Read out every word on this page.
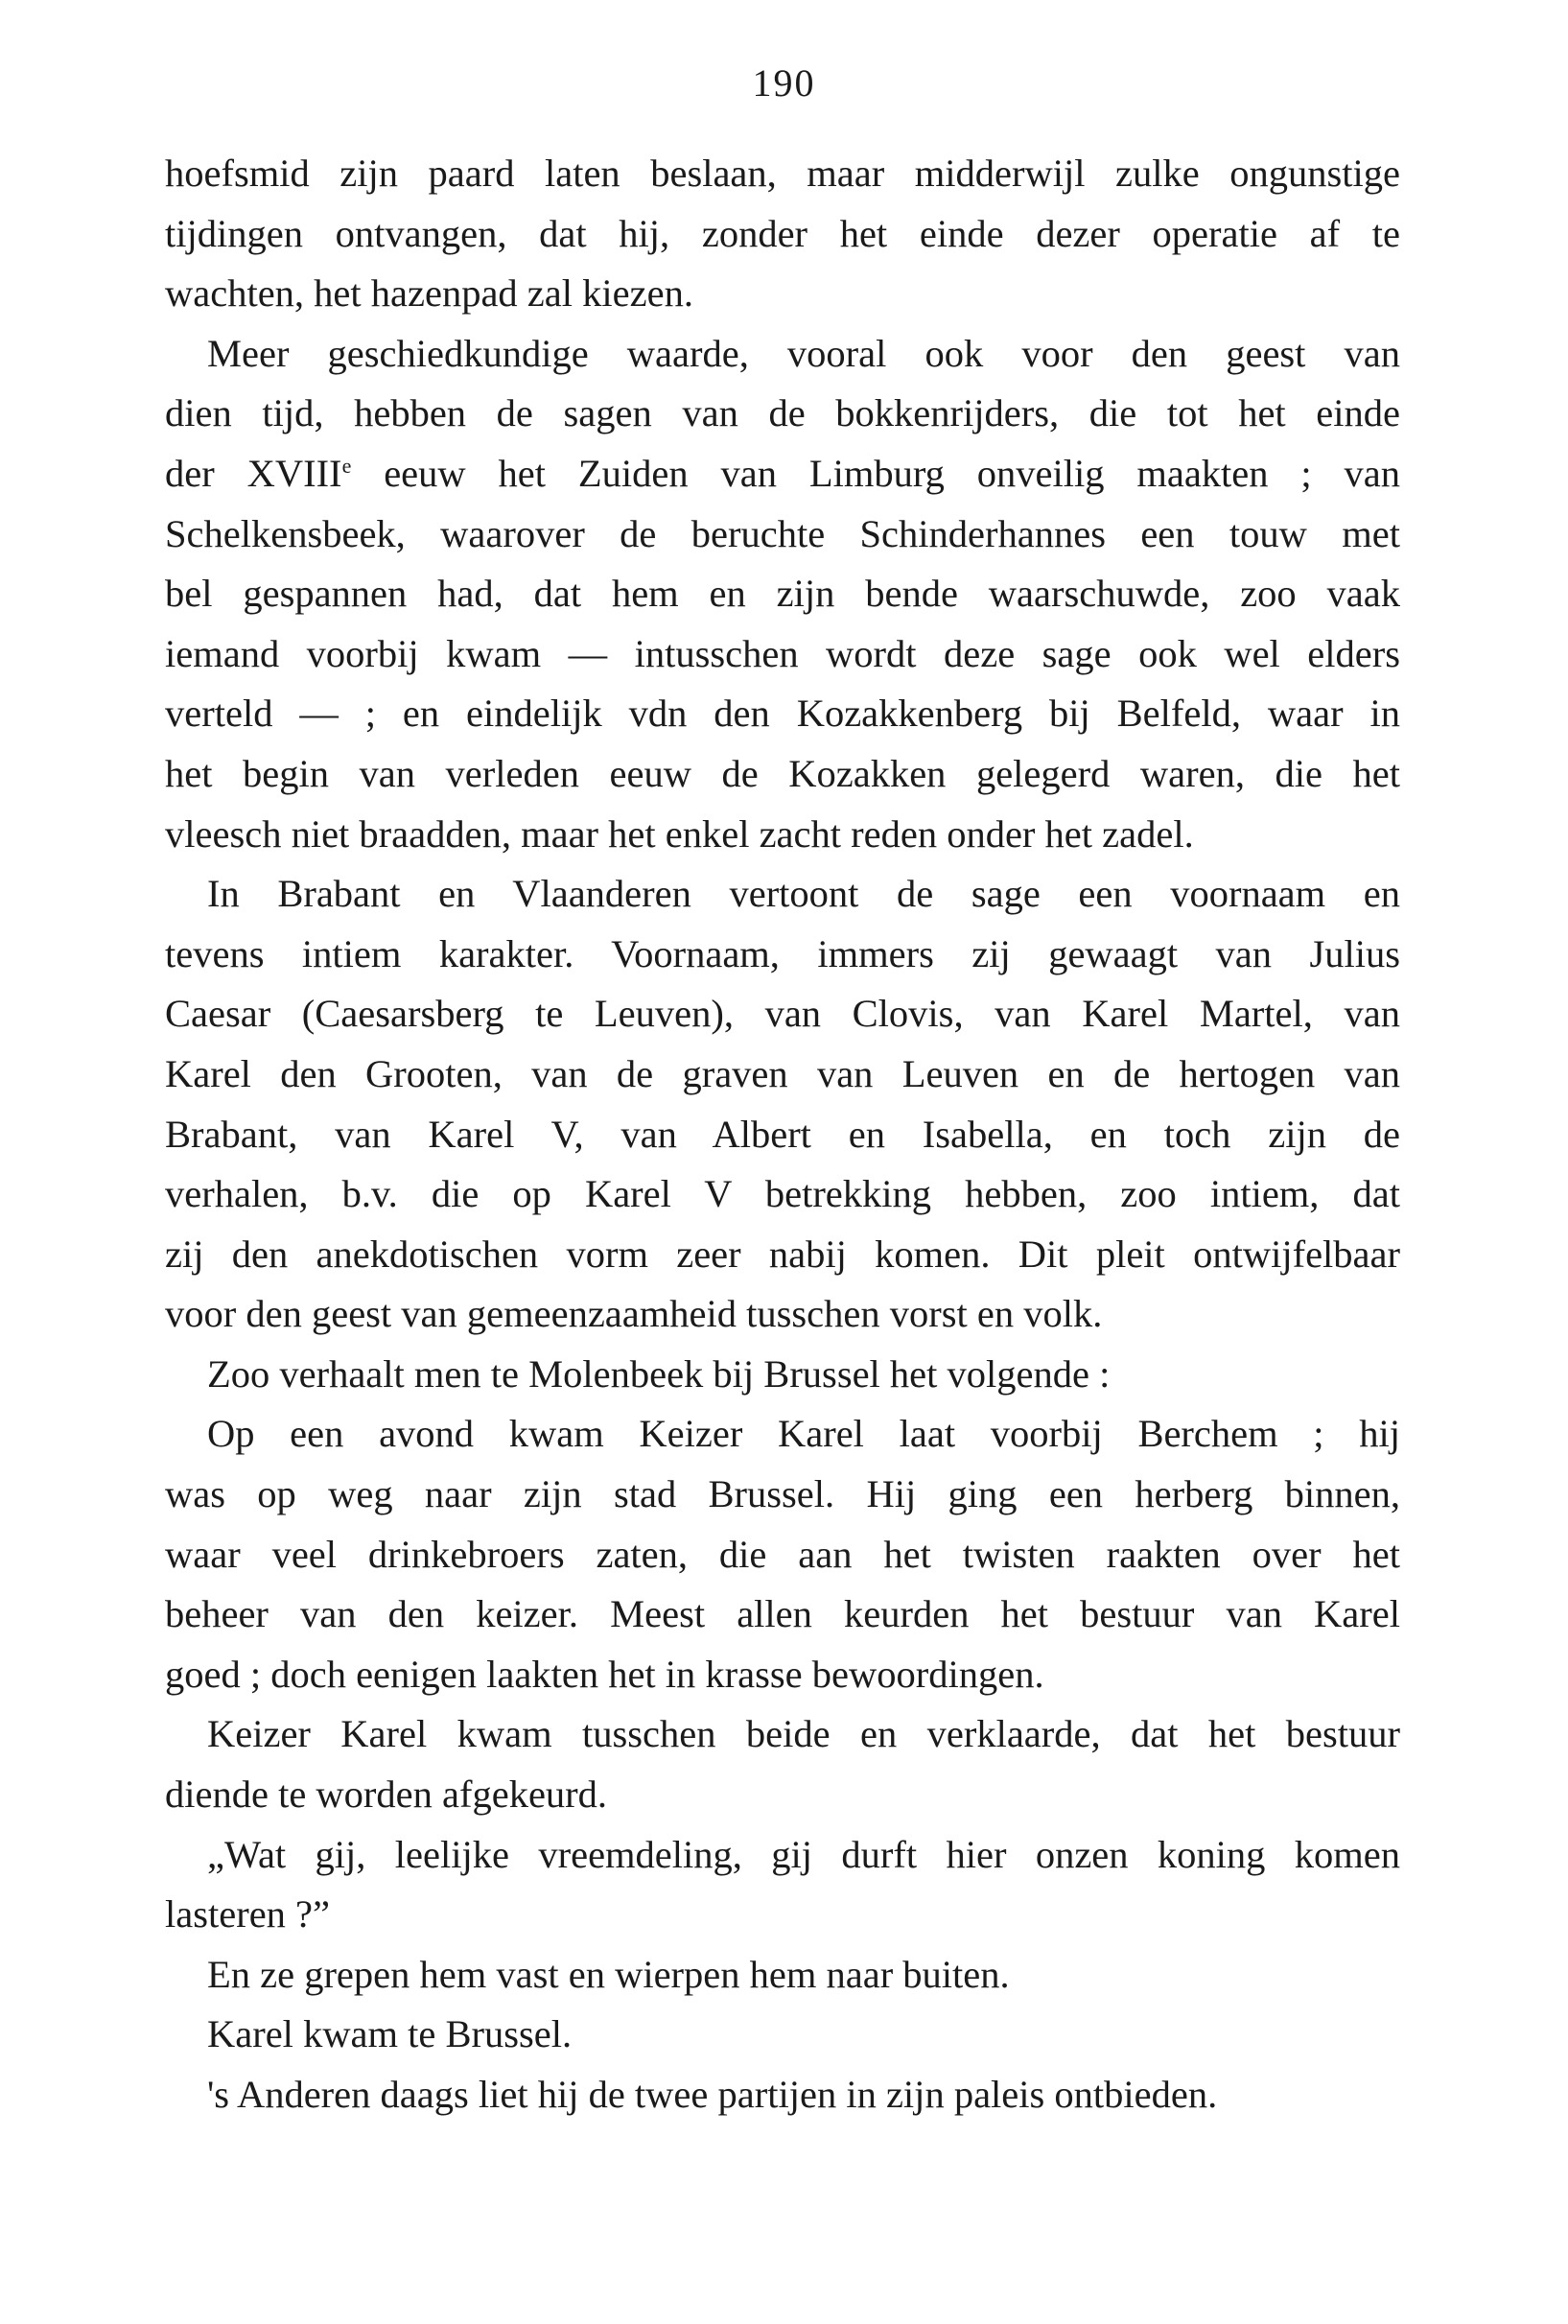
190

hoefsmid zijn paard laten beslaan, maar midderwijl zulke ongunstige
tijdingen ontvangen, dat hij, zonder het einde dezer operatie af te
wachten, het hazenpad zal kiezen.

Meer geschiedkundige waarde, vooral ook voor den geest van
dien tijd, hebben de sagen van de bokkenrijders, die tot het einde
der XVIIIe eeuw het Zuiden van Limburg onveilig maakten ; van
Schelkensbeek, waarover de beruchte Schinderhannes een touw met
bel gespannen had, dat hem en zijn bende waarschuwde, zoo vaak
iemand voorbij kwam — intusschen wordt deze sage ook wel elders
verteld — ; en eindelijk vdn den Kozakkenberg bij Belfeld, waar in
het begin van verleden eeuw de Kozakken gelegerd waren, die het
vleesch niet braadden, maar het enkel zacht reden onder het zadel.

In Brabant en Vlaanderen vertoont de sage een voornaam en
tevens intiem karakter. Voornaam, immers zij gewaagt van Julius
Caesar (Caesarsberg te Leuven), van Clovis, van Karel Martel, van
Karel den Grooten, van de graven van Leuven en de hertogen van
Brabant, van Karel V, van Albert en Isabella, en toch zijn de
verhalen, b.v. die op Karel V betrekking hebben, zoo intiem, dat
zij den anekdotischen vorm zeer nabij komen. Dit pleit ontwijfelbaar
voor den geest van gemeenzaamheid tusschen vorst en volk.

Zoo verhaalt men te Molenbeek bij Brussel het volgende :

Op een avond kwam Keizer Karel laat voorbij Berchem ; hij
was op weg naar zijn stad Brussel. Hij ging een herberg binnen,
waar veel drinkebroers zaten, die aan het twisten raakten over het
beheer van den keizer. Meest allen keurden het bestuur van Karel
goed ; doch eenigen laakten het in krasse bewoordingen.

Keizer Karel kwam tusschen beide en verklaarde, dat het bestuur
diende te worden afgekeurd.

„Wat gij, leelijke vreemdeling, gij durft hier onzen koning komen
lasteren ?”

En ze grepen hem vast en wierpen hem naar buiten.

Karel kwam te Brussel.

's Anderen daags liet hij de twee partijen in zijn paleis ontbieden.
